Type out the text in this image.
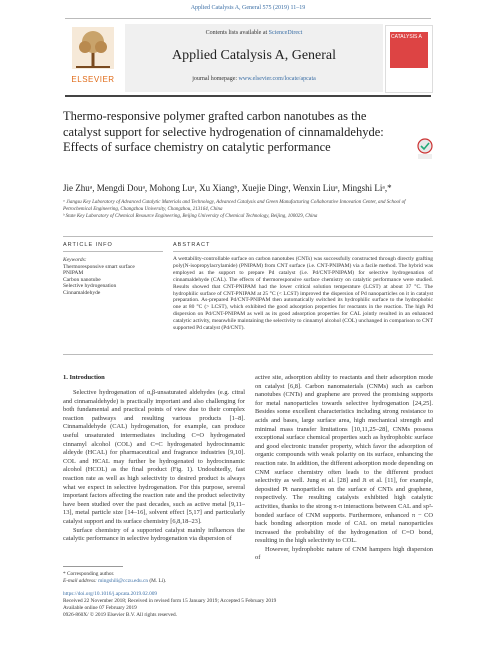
Applied Catalysis A, General 575 (2019) 11–19
ELSEVIER
Contents lists available at ScienceDirect
Applied Catalysis A, General
journal homepage: www.elsevier.com/locate/apcata
CATALYSIS A
Thermo-responsive polymer grafted carbon nanotubes as the catalyst support for selective hydrogenation of cinnamaldehyde: Effects of surface chemistry on catalytic performance
Jie Zhuᵃ, Mengdi Douᵃ, Mohong Luᵃ, Xu Xiangᵇ, Xuejie Dingᵃ, Wenxin Liuᵃ, Mingshi Liᵃ,*
ᵃ Jiangsu Key Laboratory of Advanced Catalytic Materials and Technology, Advanced Catalysis and Green Manufacturing Collaborative Innovation Center, and School of Petrochemical Engineering, Changzhou University, Changzhou, 213164, China
ᵇ State Key Laboratory of Chemical Resource Engineering, Beijing University of Chemical Technology, Beijing, 100029, China
ARTICLE INFO	ABSTRACT
Keywords:
Thermoresponsive smart surface
PNIPAM
Carbon nanotube
Selective hydrogenation
Cinnamaldehyde
A wettability-controllable surface on carbon nanotubes (CNTs) was successfully constructed through directly grafting poly(N-isopropylacrylamide) (PNIPAM) from CNT surface (i.e. CNT-PNIPAM) via a facile method. The hybrid was employed as the support to prepare Pd catalyst (i.e. Pd/CNT-PNIPAM) for selective hydrogenation of cinnamaldehyde (CAL). The effects of thermoresponsive surface chemistry on catalytic performance were studied. Results showed that CNT-PNIPAM had the lower critical solution temperature (LCST) at about 37 °C. The hydrophilic surface of CNT-PNIPAM at 25 °C (< LCST) improved the dispersion of Pd nanoparticles on it in catalyst preparation. As-prepared Pd/CNT-PNIPAM then automatically switched its hydrophilic surface to the hydrophobic one at 80 °C (> LCST), which exhibited the good adsorption properties for reactants in the reaction. The high Pd dispersion on Pd/CNT-PNIPAM as well as its good adsorption properties for CAL jointly resulted in an enhanced catalytic activity, meanwhile maintaining the selectivity to cinnamyl alcohol (COL) unchanged in comparison to CNT supported Pd catalyst (Pd/CNT).
1. Introduction

Selective hydrogenation of α,β-unsaturated aldehydes (e.g. citral and cinnamaldehyde) is practically important and also challenging for both fundamental and practical points of view due to their complex reaction pathways and resulting various products [1–8]. Cinnamaldehyde (CAL) hydrogenation, for example, can produce useful unsaturated intermediates including C=O hydrogenated cinnamyl alcohol (COL) and C=C hydrogenated hydrocinnamic aldeyde (HCAL) for pharmaceutical and fragrance industries [9,10]. COL and HCAL may further be hydrogenated to hydrocinnamic alcohol (HCOL) as the final product (Fig. 1). Undoubtedly, fast reaction rate as well as high selectivity to desired product is always what we expect in selective hydrogenation. For this purpose, several important factors affecting the reaction rate and the product selectivity have been studied over the past decades, such as active metal [9,11–13], metal particle size [14–16], solvent effect [5,17] and particularly catalyst support and its surface chemistry [6,8,18–23].

Surface chemistry of a supported catalyst mainly influences the catalytic performance in selective hydrogenation via dispersion of

active site, adsorption ability to reactants and their adsorption mode on catalyst [6,8]. Carbon nanomaterials (CNMs) such as carbon nanotubes (CNTs) and graphene are proved the promising supports for metal nanoparticles towards selective hydrogenation [24,25]. Besides some excellent characteristics including strong resistance to acids and bases, large surface area, high mechanical strength and minimal mass transfer limitations [10,11,25–28], CNMs possess exceptional surface chemical properties such as hydrophobic surface and good electronic transfer property, which favor the adsorption of organic compounds with weak polarity on its surface, enhancing the reaction rate. In addition, the different adsorption mode depending on CNM surface chemistry often leads to the different product selectivity as well. Jung et al. [28] and Ji et al. [11], for example, deposited Pt nanoparticles on the surface of CNTs and graphene, respectively. The resulting catalysts exhibited high catalytic activities, thanks to the strong π-π interactions between CAL and sp²-bonded surface of CNM supports. Furthermore, enhanced π − CO back bonding adsorption mode of CAL on metal nanoparticles increased the probability of the hydrogenation of C=O bond, resulting in the high selectivity to COL.

However, hydrophobic nature of CNM hampers high dispersion of

* Corresponding author.
E-mail address: mingshili@cczu.edu.cn (M. Li).
https://doi.org/10.1016/j.apcata.2019.02.009
Received 22 November 2018; Received in revised form 15 January 2019; Accepted 5 February 2019
Available online 07 February 2019
0926-860X/ © 2019 Elsevier B.V. All rights reserved.
